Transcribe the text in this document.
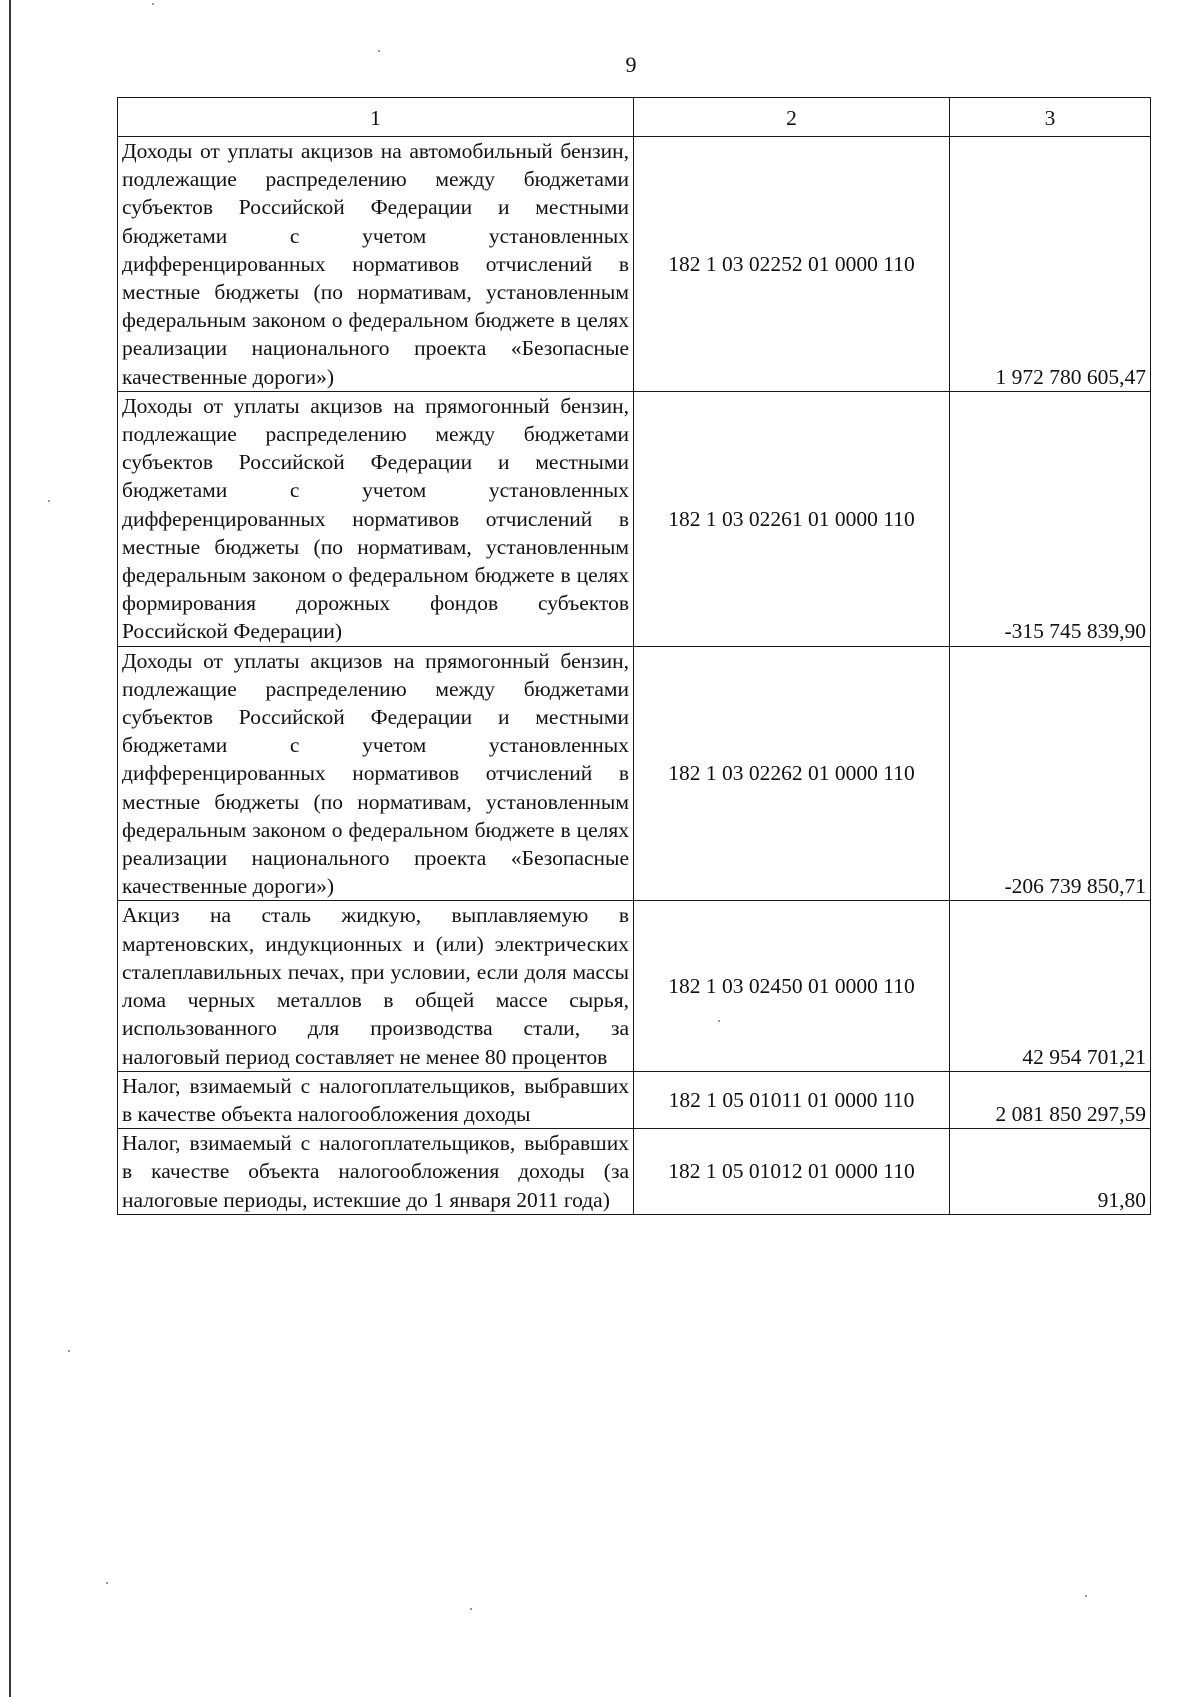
9
1	2	3
Доходы от уплаты акцизов на автомобильный бензин, подлежащие распределению между бюджетами субъектов Российской Федерации и местными бюджетами с учетом установленных дифференцированных нормативов отчислений в местные бюджеты (по нормативам, установленным федеральным законом о федеральном бюджете в целях реализации национального проекта «Безопасные качественные дороги»)	182 1 03 02252 01 0000 110	1 972 780 605,47
Доходы от уплаты акцизов на прямогонный бензин, подлежащие распределению между бюджетами субъектов Российской Федерации и местными бюджетами с учетом установленных дифференцированных нормативов отчислений в местные бюджеты (по нормативам, установленным федеральным законом о федеральном бюджете в целях формирования дорожных фондов субъектов Российской Федерации)	182 1 03 02261 01 0000 110	-315 745 839,90
Доходы от уплаты акцизов на прямогонный бензин, подлежащие распределению между бюджетами субъектов Российской Федерации и местными бюджетами с учетом установленных дифференцированных нормативов отчислений в местные бюджеты (по нормативам, установленным федеральным законом о федеральном бюджете в целях реализации национального проекта «Безопасные качественные дороги»)	182 1 03 02262 01 0000 110	-206 739 850,71
Акциз на сталь жидкую, выплавляемую в мартеновских, индукционных и (или) электрических сталеплавильных печах, при условии, если доля массы лома черных металлов в общей массе сырья, использованного для производства стали, за налоговый период составляет не менее 80 процентов	182 1 03 02450 01 0000 110	42 954 701,21
Налог, взимаемый с налогоплательщиков, выбравших в качестве объекта налогообложения доходы	182 1 05 01011 01 0000 110	2 081 850 297,59
Налог, взимаемый с налогоплательщиков, выбравших в качестве объекта налогообложения доходы (за налоговые периоды, истекшие до 1 января 2011 года)	182 1 05 01012 01 0000 110	91,80
